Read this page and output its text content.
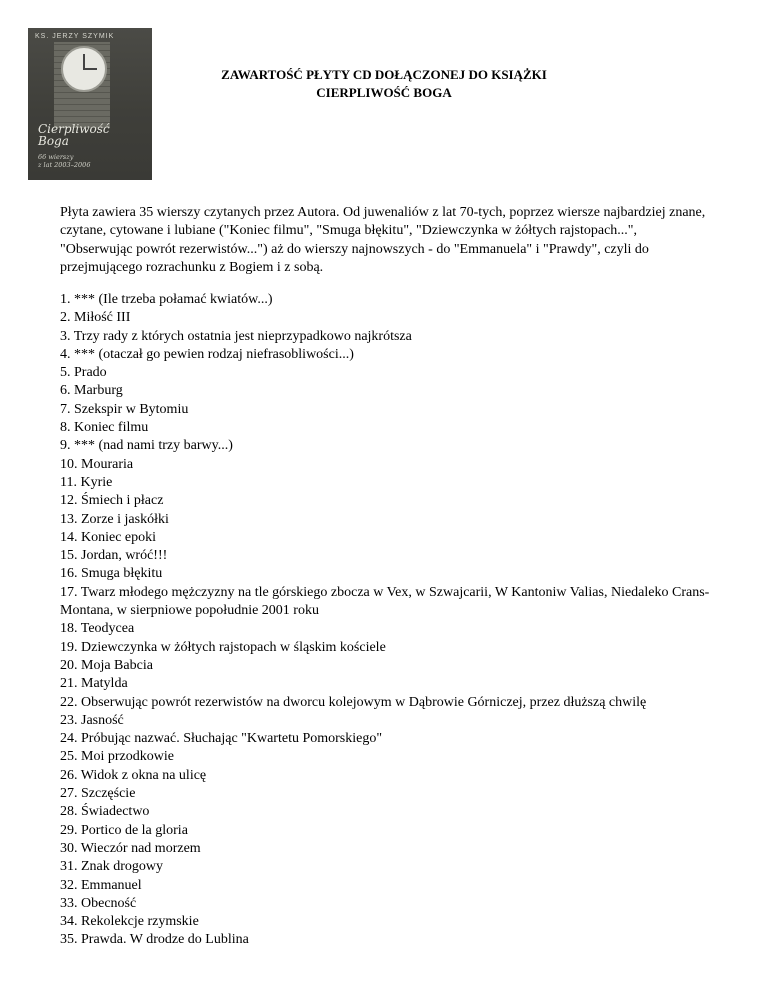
KS. JERZY SZYMIK
Cierpliwość
Boga
66 wierszy
z lat 2003–2006
ZAWARTOŚĆ PŁYTY CD DOŁĄCZONEJ DO KSIĄŻKI
CIERPLIWOŚĆ BOGA

Płyta zawiera 35 wierszy czytanych przez Autora. Od juwenaliów z lat 70-tych, poprzez wiersze najbardziej znane, czytane, cytowane i lubiane ("Koniec filmu", "Smuga błękitu", "Dziewczynka w żółtych rajstopach...", "Obserwując powrót rezerwistów...") aż do wierszy najnowszych - do "Emmanuela" i "Prawdy", czyli do przejmującego rozrachunku z Bogiem i z sobą.

1. *** (Ile trzeba połamać kwiatów...)
2. Miłość III
3. Trzy rady z których ostatnia jest nieprzypadkowo najkrótsza
4. *** (otaczał go pewien rodzaj niefrasobliwości...)
5. Prado
6. Marburg
7. Szekspir w Bytomiu
8. Koniec filmu
9. *** (nad nami trzy barwy...)
10. Mouraria
11. Kyrie
12. Śmiech i płacz
13. Zorze i jaskółki
14. Koniec epoki
15. Jordan, wróć!!!
16. Smuga błękitu
17. Twarz młodego mężczyzny na tle górskiego zbocza w Vex, w Szwajcarii, W Kantoniw Valias, Niedaleko Crans-Montana, w sierpniowe popołudnie 2001 roku
18. Teodycea
19. Dziewczynka w żółtych rajstopach w śląskim kościele
20. Moja Babcia
21. Matylda
22. Obserwując powrót rezerwistów na dworcu kolejowym w Dąbrowie Górniczej, przez dłuższą chwilę
23. Jasność
24. Próbując nazwać. Słuchając "Kwartetu Pomorskiego"
25. Moi przodkowie
26. Widok z okna na ulicę
27. Szczęście
28. Świadectwo
29. Portico de la gloria
30. Wieczór nad morzem
31. Znak drogowy
32. Emmanuel
33. Obecność
34. Rekolekcje rzymskie
35. Prawda. W drodze do Lublina
